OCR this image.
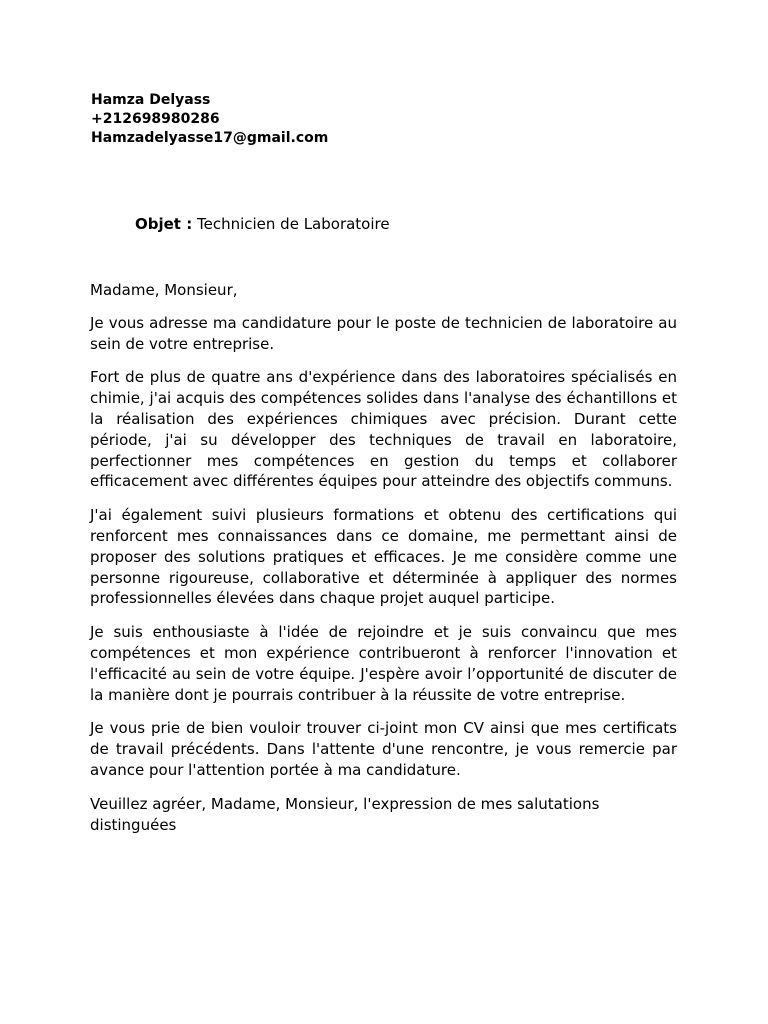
Hamza Delyass
+212698980286
Hamzadelyasse17@gmail.com
Objet : Technicien de Laboratoire

Madame, Monsieur,

Je vous adresse ma candidature pour le poste de technicien de laboratoire au sein de votre entreprise.

Fort de plus de quatre ans d'expérience dans des laboratoires spécialisés en chimie, j'ai acquis des compétences solides dans l'analyse des échantillons et la réalisation des expériences chimiques avec précision. Durant cette période, j'ai su développer des techniques de travail en laboratoire, perfectionner mes compétences en gestion du temps et collaborer efficacement avec différentes équipes pour atteindre des objectifs communs.

J'ai également suivi plusieurs formations et obtenu des certifications qui renforcent mes connaissances dans ce domaine, me permettant ainsi de proposer des solutions pratiques et efficaces. Je me considère comme une personne rigoureuse, collaborative et déterminée à appliquer des normes professionnelles élevées dans chaque projet auquel participe.

Je suis enthousiaste à l'idée de rejoindre et je suis convaincu que mes compétences et mon expérience contribueront à renforcer l'innovation et l'efficacité au sein de votre équipe. J'espère avoir l’opportunité de discuter de la manière dont je pourrais contribuer à la réussite de votre entreprise.

Je vous prie de bien vouloir trouver ci-joint mon CV ainsi que mes certificats de travail précédents. Dans l'attente d'une rencontre, je vous remercie par avance pour l'attention portée à ma candidature.

Veuillez agréer, Madame, Monsieur, l'expression de mes salutations distinguées
